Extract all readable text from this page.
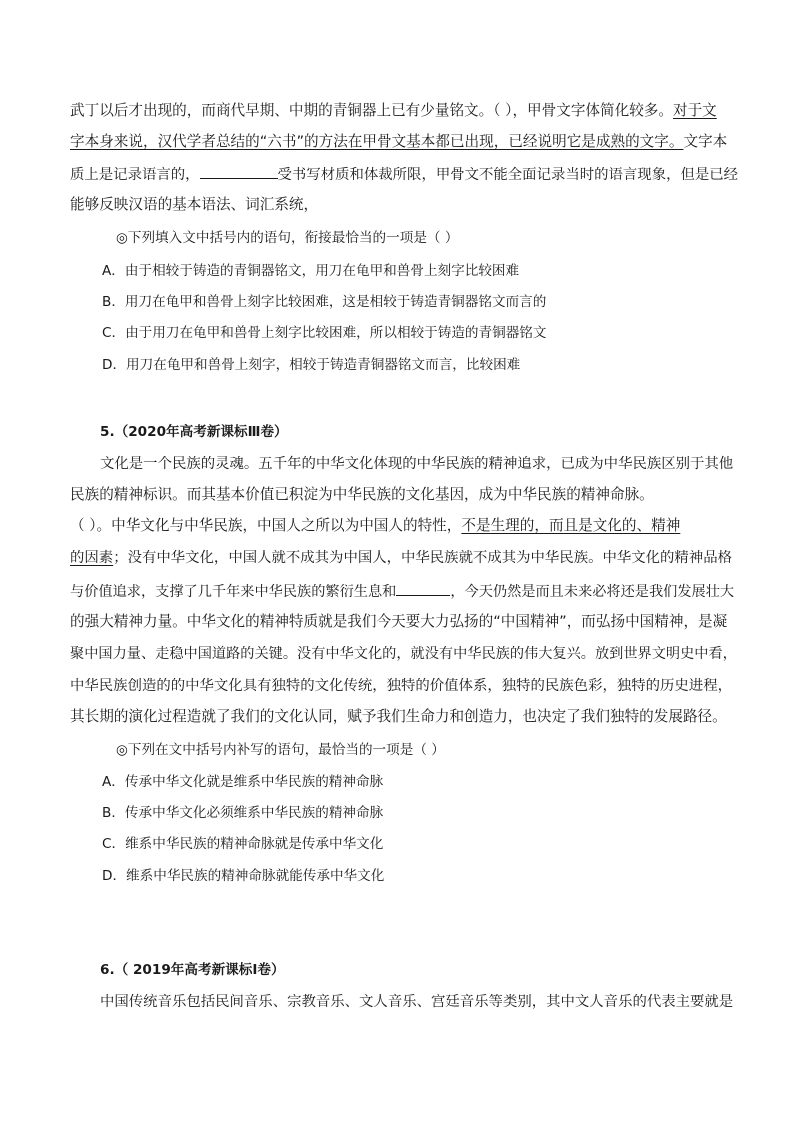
武丁以后才出现的，而商代早期、中期的青铜器上已有少量铭文。（ ），甲骨文字体简化较多。对于文
字本身来说，汉代学者总结的“六书”的方法在甲骨文基本都已出现，已经说明它是成熟的文字。文字本
质上是记录语言的，	受书写材质和体裁所限，甲骨文不能全面记录当时的语言现象，但是已经
能够反映汉语的基本语法、词汇系统，
◎下列填入文中括号内的语句，衔接最恰当的一项是（ ）
A．由于相较于铸造的青铜器铭文，用刀在龟甲和兽骨上刻字比较困难
B．用刀在龟甲和兽骨上刻字比较困难，这是相较于铸造青铜器铭文而言的
C．由于用刀在龟甲和兽骨上刻字比较困难，所以相较于铸造的青铜器铭文
D．用刀在龟甲和兽骨上刻字，相较于铸造青铜器铭文而言，比较困难
5.（2020年高考新课标Ⅲ卷）
文化是一个民族的灵魂。五千年的中华文化体现的中华民族的精神追求，已成为中华民族区别于其他
民族的精神标识。而其基本价值已积淀为中华民族的文化基因，成为中华民族的精神命脉。
（ ）。中华文化与中华民族，中国人之所以为中国人的特性，不是生理的，而且是文化的、精神
的因素；没有中华文化，中国人就不成其为中国人，中华民族就不成其为中华民族。中华文化的精神品格
与价值追求，支撑了几千年来中华民族的繁衍生息和	，今天仍然是而且未来必将还是我们发展壮大
的强大精神力量。中华文化的精神特质就是我们今天要大力弘扬的“中国精神”，而弘扬中国精神，是凝
聚中国力量、走稳中国道路的关键。没有中华文化的，就没有中华民族的伟大复兴。放到世界文明史中看，
中华民族创造的的中华文化具有独特的文化传统，独特的价值体系，独特的民族色彩，独特的历史进程，
其长期的演化过程造就了我们的文化认同，赋予我们生命力和创造力，也决定了我们独特的发展路径。
◎下列在文中括号内补写的语句，最恰当的一项是（ ）
A．传承中华文化就是维系中华民族的精神命脉
B．传承中华文化必须维系中华民族的精神命脉
C．维系中华民族的精神命脉就是传承中华文化
D．维系中华民族的精神命脉就能传承中华文化
6.（ 2019年高考新课标Ⅰ卷）
中国传统音乐包括民间音乐、宗教音乐、文人音乐、宫廷音乐等类别，其中文人音乐的代表主要就是
